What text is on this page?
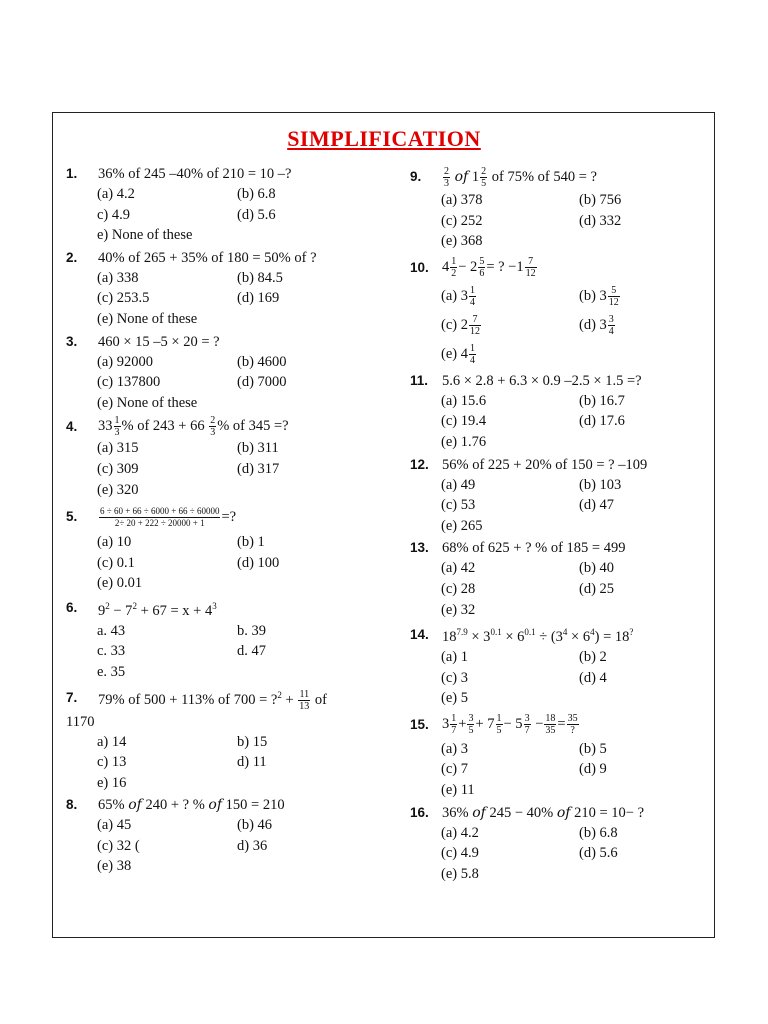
SIMPLIFICATION
1.	36% of 245 –40% of 210 = 10 –?
(a) 4.2	(b) 6.8
c) 4.9	(d) 5.6
e) None of these
2.	40% of 265 + 35% of 180 = 50% of ?
(a) 338	(b) 84.5
(c) 253.5	(d) 169
(e) None of these
3.	460 × 15 –5 × 20 = ?
(a) 92000	(b) 4600
(c) 137800	(d) 7000
(e) None of these
4.	$33 \frac{1}{3}$ % of $243 + 66 \frac{2}{3}$ % of 345 =?
(a) 315	(b) 311
(c) 309	(d) 317
(e) 320
5.	$\frac{6 \div 60 + 66 \div 6000 + 66 \div 60000}{2\div 20 + 222 \div 20000 + 1}$ =?
(a) 10	(b) 1
(c) 0.1	(d) 100
(e) 0.01
6.	$9^2 - 7^2 + 67 = x + 4^3$
a. 43	b. 39
c. 33	d. 47
e. 35
7.	79% of 500 + 113% of 700 = ?$^2$ + $\frac{11}{13}$ of
1170
a) 14	b) 15
c) 13	d) 11
e) 16
8.	65% of 240 + ? % of 150 = 210
(a) 45	(b) 46
(c) 32 (	d) 36
(e) 38
9.	$\frac{2}{3}$ of $1 \frac{2}{5}$ of 75% of 540 = ?
(a) 378	(b) 756
(c) 252	(d) 332
(e) 368
10. $4 \frac{1}{2} - 2 \frac{5}{6}$ = ? $-1 \frac{7}{12}$
(a) $3 \frac{1}{4}$	(b) $3 \frac{5}{12}$
(c) $2 \frac{7}{12}$	(d) $3 \frac{3}{4}$
(e) $4 \frac{1}{4}$
11. 5.6 × 2.8 + 6.3 × 0.9 –2.5 × 1.5 =?
(a) 15.6	(b) 16.7
(c) 19.4	(d) 17.6
(e) 1.76
12. 56% of 225 + 20% of 150 = ? –109
(a) 49	(b) 103
(c) 53	(d) 47
(e) 265
13. 68% of 625 + ? % of 185 = 499
(a) 42	(b) 40
(c) 28	(d) 25
(e) 32
14. $18^{7.9} \times 3^{0.1} \times 6^{0.1} \div (3^4 \times 6^4) = 18^?$
(a) 1	(b) 2
(c) 3	(d) 4
(e) 5
15. $3 \frac{1}{7} + \frac{3}{5} + 7 \frac{1}{5} - 5 \frac{3}{7} - \frac{18}{35} = \frac{35}{?}$
(a) 3	(b) 5
(c) 7	(d) 9
(e) 11
16. 36% of 245 − 40% of 210 = 10− ?
(a) 4.2	(b) 6.8
(c) 4.9	(d) 5.6
(e) 5.8
